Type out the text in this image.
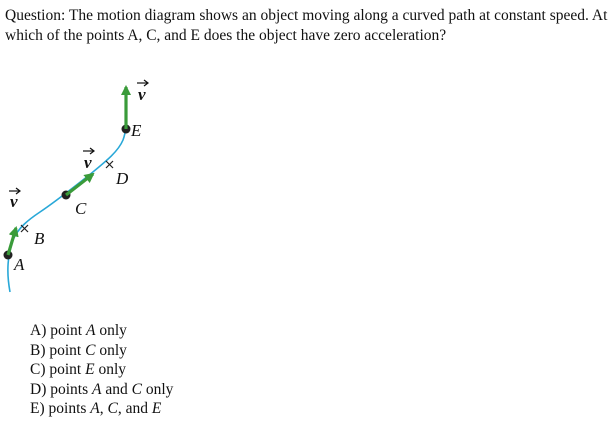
Question: The motion diagram shows an object moving along a curved path at constant speed. At which of the points A, C, and E does the object have zero acceleration?
A
B
v	C
v
D
E
v
A) point A only
B) point C only
C) point E only
D) points A and C only
E) points A, C, and E
